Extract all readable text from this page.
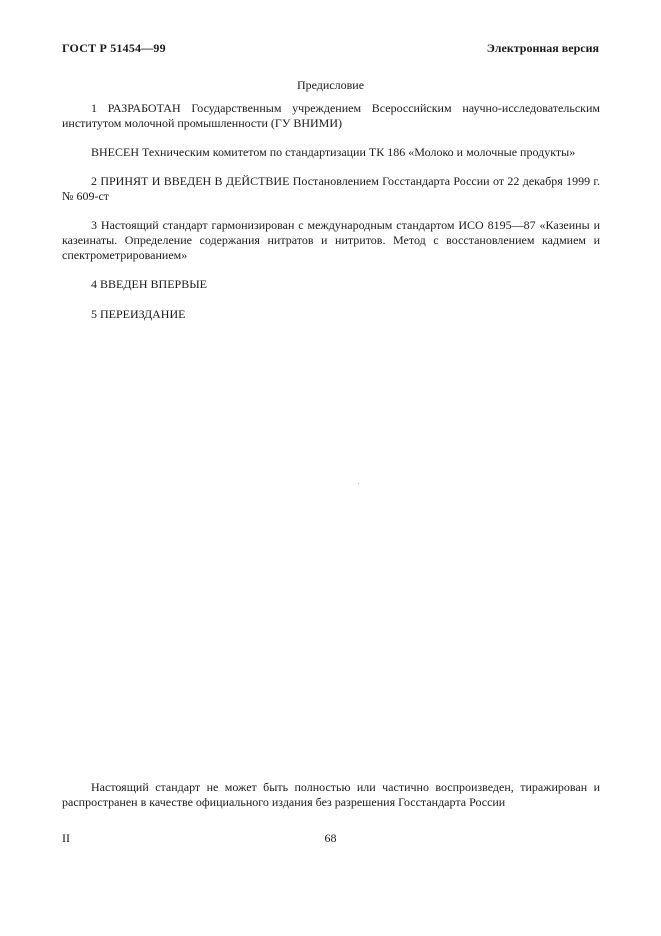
ГОСТ Р 51454—99	Электронная версия
Предисловие

1 РАЗРАБОТАН Государственным учреждением Всероссийским научно-исследовательским институтом молочной промышленности (ГУ ВНИМИ)

ВНЕСЕН Техническим комитетом по стандартизации ТК 186 «Молоко и молочные продукты»

2 ПРИНЯТ И ВВЕДЕН В ДЕЙСТВИЕ Постановлением Госстандарта России от 22 декабря 1999 г. № 609-ст

3 Настоящий стандарт гармонизирован с международным стандартом ИСО 8195—87 «Казеины и казеинаты. Определение содержания нитратов и нитритов. Метод с восстановлением кадмием и спектрометрированием»

4 ВВЕДЕН ВПЕРВЫЕ

5 ПЕРЕИЗДАНИЕ

Настоящий стандарт не может быть полностью или частично воспроизведен, тиражирован и распространен в качестве официального издания без разрешения Госстандарта России

II	68
